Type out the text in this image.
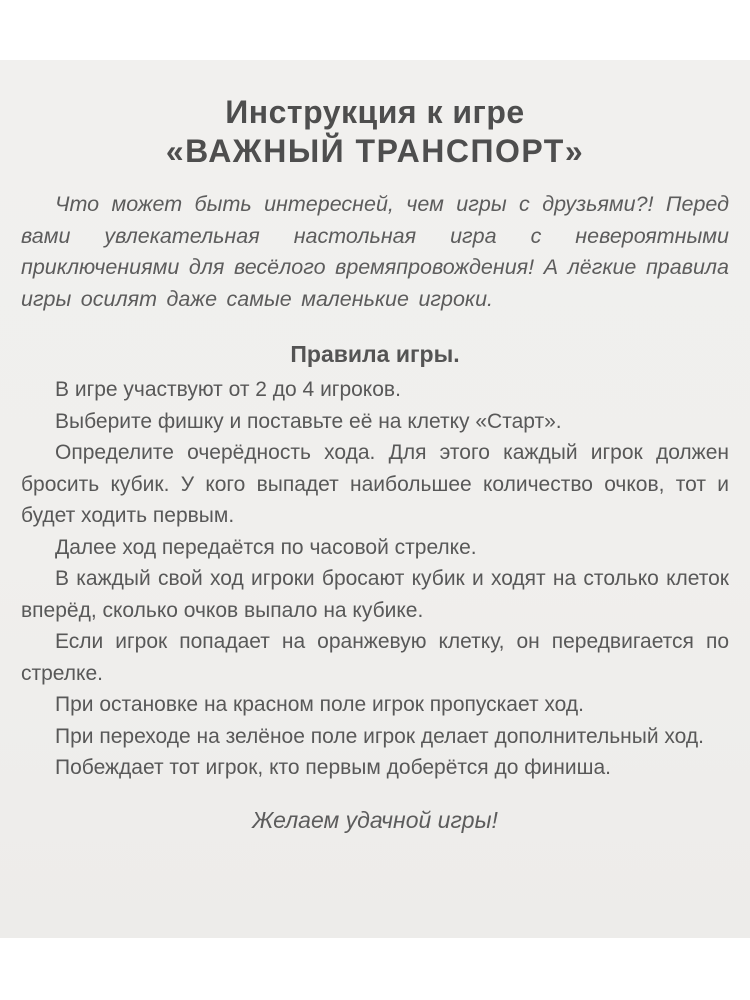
Инструкция к игре
«ВАЖНЫЙ ТРАНСПОРТ»

Что может быть интересней, чем игры с друзьями?! Перед вами увлекательная настольная игра с невероятными приключениями для весёлого времяпровождения! А лёгкие правила игры осилят даже самые маленькие игроки.

Правила игры.

В игре участвуют от 2 до 4 игроков.

Выберите фишку и поставьте её на клетку «Старт».

Определите очерёдность хода. Для этого каждый игрок должен бросить кубик. У кого выпадет наибольшее количество очков, тот и будет ходить первым.

Далее ход передаётся по часовой стрелке.

В каждый свой ход игроки бросают кубик и ходят на столько клеток вперёд, сколько очков выпало на кубике.

Если игрок попадает на оранжевую клетку, он передвигается по стрелке.

При остановке на красном поле игрок пропускает ход.

При переходе на зелёное поле игрок делает дополнительный ход.

Побеждает тот игрок, кто первым доберётся до финиша.

Желаем удачной игры!
